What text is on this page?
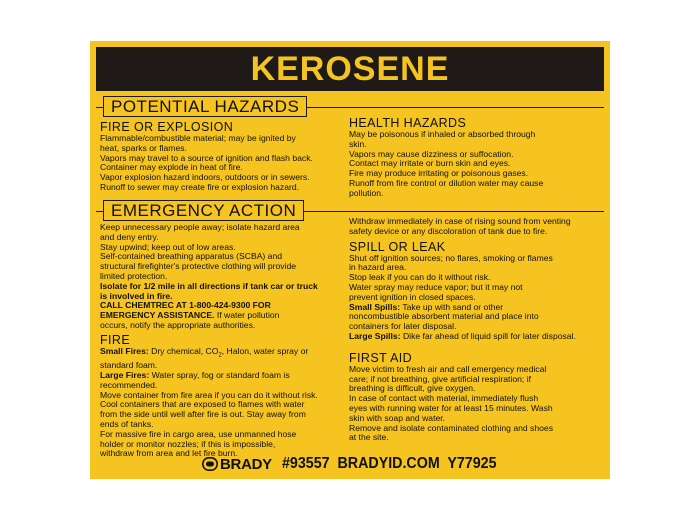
KEROSENE
POTENTIAL HAZARDS
EMERGENCY ACTION

FIRE OR EXPLOSION

Flammable/combustible material; may be ignited by

heat, sparks or flames.

Vapors may travel to a source of ignition and flash back.

Container may explode in heat of fire.

Vapor explosion hazard indoors, outdoors or in sewers.

Runoff to sewer may create fire or explosion hazard.

Keep unnecessary people away; isolate hazard area

and deny entry.

Stay upwind; keep out of low areas.

Self-contained breathing apparatus (SCBA) and

structural firefighter's protective clothing will provide

limited protection.

Isolate for 1/2 mile in all directions if tank car or truck

is involved in fire.

CALL CHEMTREC AT 1-800-424-9300 FOR

EMERGENCY ASSISTANCE. If water pollution

occurs, notify the appropriate authorities.

FIRE

Small Fires: Dry chemical, $CO_2$, Halon, water spray or

standard foam.

Large Fires: Water spray, fog or standard foam is

recommended.

Move container from fire area if you can do it without risk.

Cool containers that are exposed to flames with water

from the side until well after fire is out. Stay away from

ends of tanks.

For massive fire in cargo area, use unmanned hose

holder or monitor nozzles; if this is impossible,

withdraw from area and let fire burn.

HEALTH HAZARDS

May be poisonous if inhaled or absorbed through

skin.

Vapors may cause dizziness or suffocation.

Contact may irritate or burn skin and eyes.

Fire may produce irritating or poisonous gases.

Runoff from fire control or dilution water may cause

pollution.

Withdraw immediately in case of rising sound from venting

safety device or any discoloration of tank due to fire.

SPILL OR LEAK

Shut off ignition sources; no flares, smoking or flames

in hazard area.

Stop leak if you can do it without risk.

Water spray may reduce vapor; but it may not

prevent ignition in closed spaces.

Small Spills: Take up with sand or other

noncombustible absorbent material and place into

containers for later disposal.

Large Spills: Dike far ahead of liquid spill for later disposal.

FIRST AID

Move victim to fresh air and call emergency medical

care; if not breathing, give artificial respiration; if

breathing is difficult, give oxygen.

In case of contact with material, immediately flush

eyes with running water for at least 15 minutes. Wash

skin with soap and water.

Remove and isolate contaminated clothing and shoes

at the site.

BRADY #93557  BRADYID.COM  Y77925
